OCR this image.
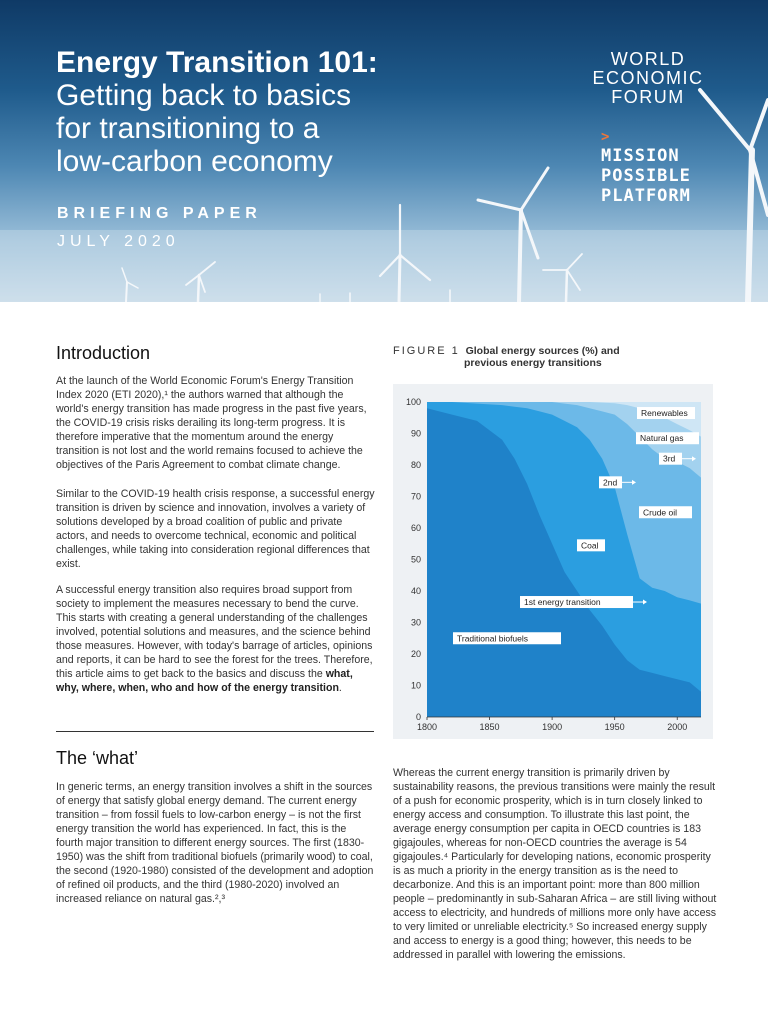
Energy Transition 101:
Getting back to basics
for transitioning to a
low-carbon economy
BRIEFING PAPER
JULY 2020
WORLD
ECONOMIC
FORUM
>
MISSION
POSSIBLE
PLATFORM
Introduction

At the launch of the World Economic Forum's Energy Transition Index 2020 (ETI 2020),¹ the authors warned that although the world's energy transition has made progress in the past five years, the COVID-19 crisis risks derailing its long-term progress. It is therefore imperative that the momentum around the energy transition is not lost and the world remains focused to achieve the objectives of the Paris Agreement to combat climate change.

Similar to the COVID-19 health crisis response, a successful energy transition is driven by science and innovation, involves a variety of solutions developed by a broad coalition of public and private actors, and needs to overcome technical, economic and political challenges, while taking into consideration regional differences that exist.

A successful energy transition also requires broad support from society to implement the measures necessary to bend the curve. This starts with creating a general understanding of the challenges involved, potential solutions and measures, and the science behind those measures. However, with today's barrage of articles, opinions and reports, it can be hard to see the forest for the trees. Therefore, this article aims to get back to the basics and discuss the what, why, where, when, who and how of the energy transition.

The ‘what’

In generic terms, an energy transition involves a shift in the sources of energy that satisfy global energy demand. The current energy transition – from fossil fuels to low-carbon energy – is not the first energy transition the world has experienced. In fact, this is the fourth major transition to different energy sources. The first (1830-1950) was the shift from traditional biofuels (primarily wood) to coal, the second (1920-1980) consisted of the development and adoption of refined oil products, and the third (1980-2020) involved an increased reliance on natural gas.²,³

FIGURE 1 Global energy sources (%) and
previous energy transitions
0
10
20
30
40
50
60
70
80
90
100
1800	1850	1900	1950	2000
Renewables
Natural gas
3rd
2nd
Crude oil
Coal
1st energy transition
Traditional biofuels

Whereas the current energy transition is primarily driven by sustainability reasons, the previous transitions were mainly the result of a push for economic prosperity, which is in turn closely linked to energy access and consumption. To illustrate this last point, the average energy consumption per capita in OECD countries is 183 gigajoules, whereas for non-OECD countries the average is 54 gigajoules.⁴ Particularly for developing nations, economic prosperity is as much a priority in the energy transition as is the need to decarbonize. And this is an important point: more than 800 million people – predominantly in sub-Saharan Africa – are still living without access to electricity, and hundreds of millions more only have access to very limited or unreliable electricity.⁵ So increased energy supply and access to energy is a good thing; however, this needs to be addressed in parallel with lowering the emissions.
